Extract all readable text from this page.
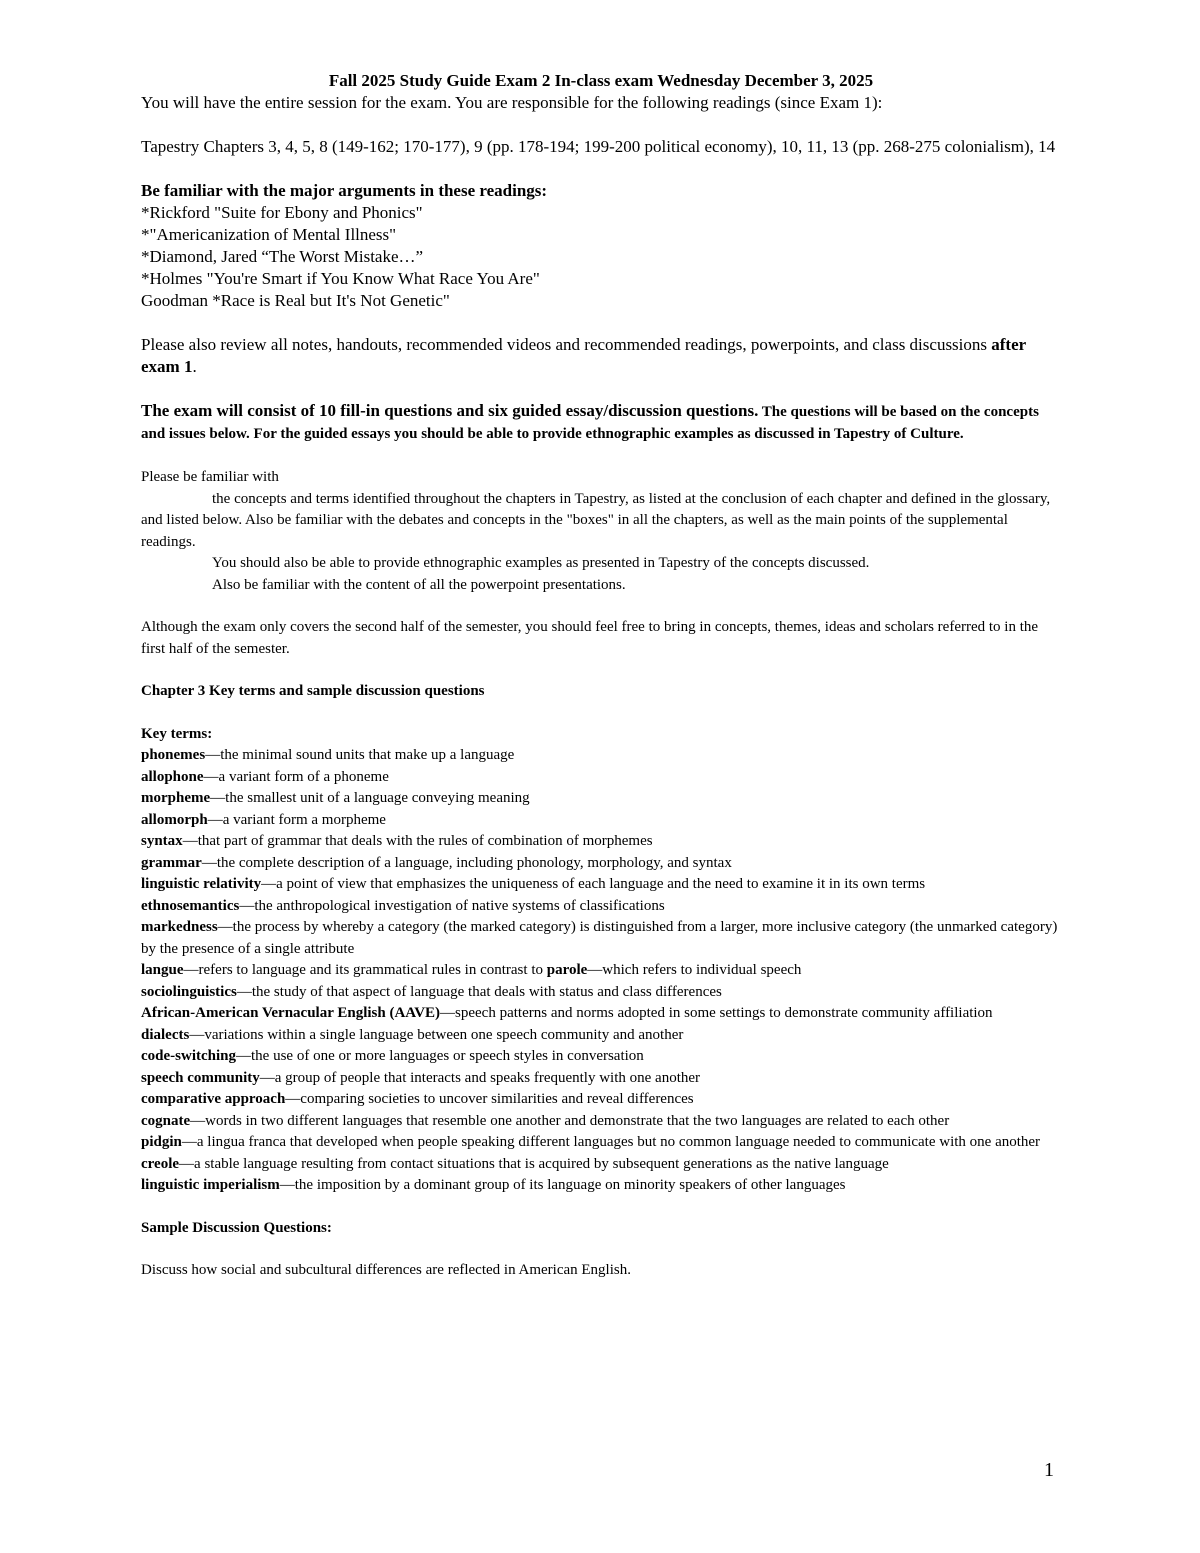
Fall 2025 Study Guide Exam 2 In-class exam Wednesday December 3, 2025

You will have the entire session for the exam. You are responsible for the following readings (since Exam 1):

Tapestry Chapters 3, 4, 5, 8 (149-162; 170-177), 9 (pp. 178-194; 199-200 political economy), 10, 11, 13 (pp. 268-275 colonialism), 14

Be familiar with the major arguments in these readings:

*Rickford "Suite for Ebony and Phonics"

*"Americanization of Mental Illness"

*Diamond, Jared “The Worst Mistake…”

*Holmes "You're Smart if You Know What Race You Are"

Goodman *Race is Real but It's Not Genetic"

Please also review all notes, handouts, recommended videos and recommended readings, powerpoints, and class discussions after exam 1.

The exam will consist of 10 fill-in questions and six guided essay/discussion questions. The questions will be based on the concepts and issues below. For the guided essays you should be able to provide ethnographic examples as discussed in Tapestry of Culture.

Please be familiar with

the concepts and terms identified throughout the chapters in Tapestry, as listed at the conclusion of each chapter and defined in the glossary, and listed below. Also be familiar with the debates and concepts in the "boxes" in all the chapters, as well as the main points of the supplemental readings.

You should also be able to provide ethnographic examples as presented in Tapestry of the concepts discussed.

Also be familiar with the content of all the powerpoint presentations.

Although the exam only covers the second half of the semester, you should feel free to bring in concepts, themes, ideas and scholars referred to in the first half of the semester.

Chapter 3 Key terms and sample discussion questions

Key terms:

phonemes—the minimal sound units that make up a language

allophone—a variant form of a phoneme

morpheme—the smallest unit of a language conveying meaning

allomorph—a variant form a morpheme

syntax—that part of grammar that deals with the rules of combination of morphemes

grammar—the complete description of a language, including phonology, morphology, and syntax

linguistic relativity—a point of view that emphasizes the uniqueness of each language and the need to examine it in its own terms

ethnosemantics—the anthropological investigation of native systems of classifications

markedness—the process by whereby a category (the marked category) is distinguished from a larger, more inclusive category (the unmarked category) by the presence of a single attribute

langue—refers to language and its grammatical rules in contrast to parole—which refers to individual speech

sociolinguistics—the study of that aspect of language that deals with status and class differences

African-American Vernacular English (AAVE)—speech patterns and norms adopted in some settings to demonstrate community affiliation

dialects—variations within a single language between one speech community and another

code-switching—the use of one or more languages or speech styles in conversation

speech community—a group of people that interacts and speaks frequently with one another

comparative approach—comparing societies to uncover similarities and reveal differences

cognate—words in two different languages that resemble one another and demonstrate that the two languages are related to each other

pidgin—a lingua franca that developed when people speaking different languages but no common language needed to communicate with one another

creole—a stable language resulting from contact situations that is acquired by subsequent generations as the native language

linguistic imperialism—the imposition by a dominant group of its language on minority speakers of other languages

Sample Discussion Questions:

Discuss how social and subcultural differences are reflected in American English.

1
